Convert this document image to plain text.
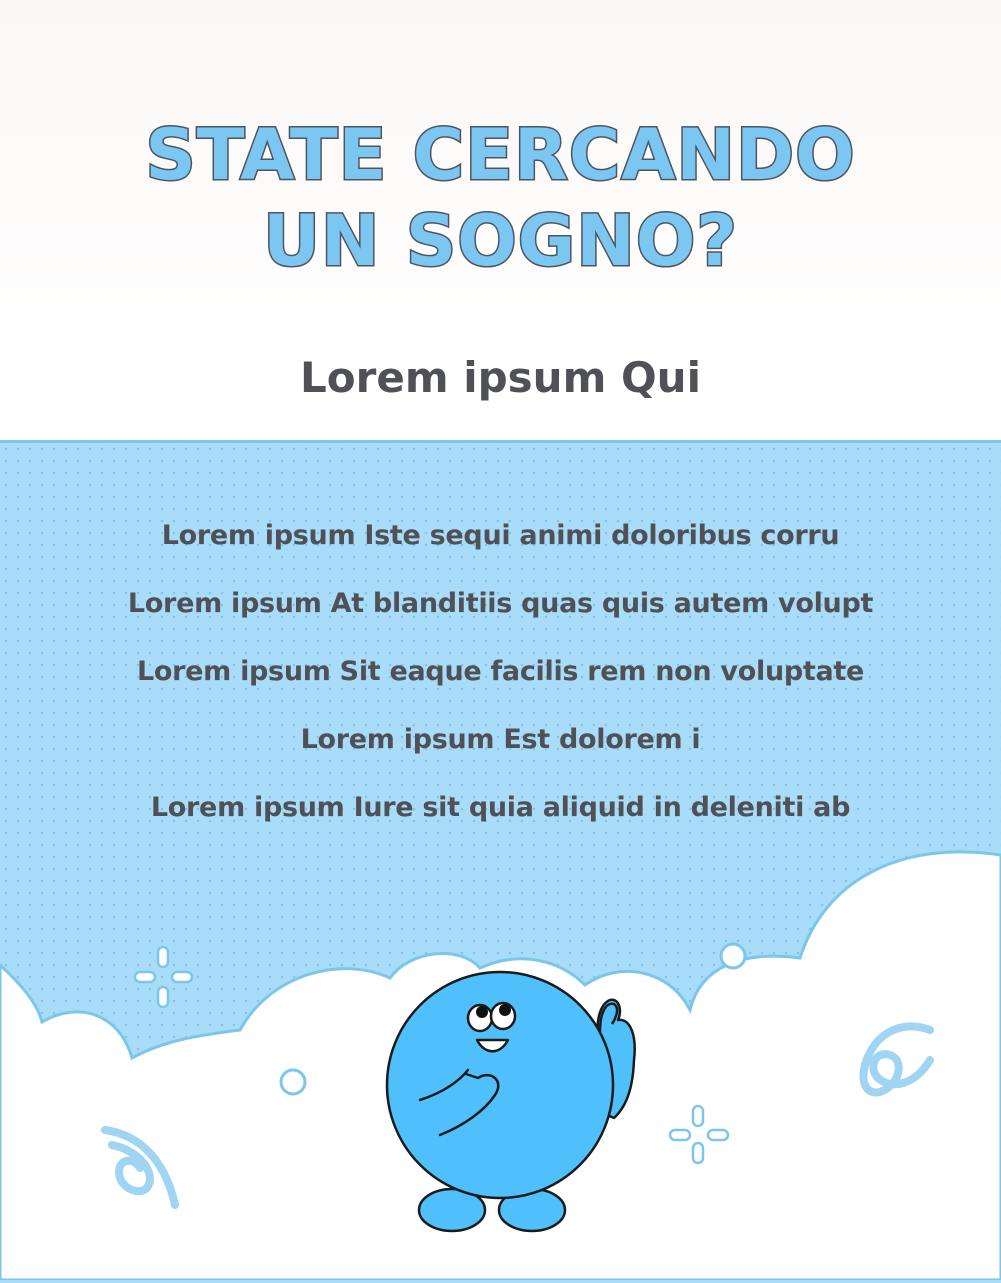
STATE CERCANDO
UN SOGNO?
Lorem ipsum Qui
Lorem ipsum Iste sequi animi doloribus corru
Lorem ipsum At blanditiis quas quis autem volupt
Lorem ipsum Sit eaque facilis rem non voluptate
Lorem ipsum Est dolorem i
Lorem ipsum Iure sit quia aliquid in deleniti ab
